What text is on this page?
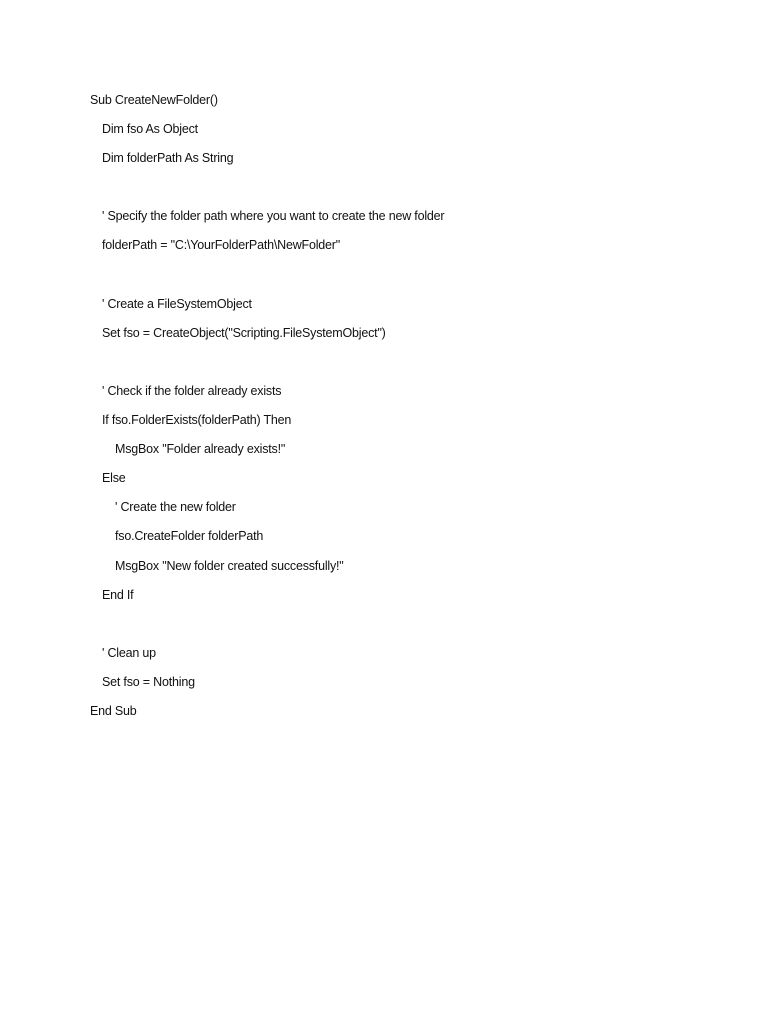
Sub CreateNewFolder()
Dim fso As Object
Dim folderPath As String
' Specify the folder path where you want to create the new folder
folderPath = "C:\YourFolderPath\NewFolder"
' Create a FileSystemObject
Set fso = CreateObject("Scripting.FileSystemObject")
' Check if the folder already exists
If fso.FolderExists(folderPath) Then
MsgBox "Folder already exists!"
Else
' Create the new folder
fso.CreateFolder folderPath
MsgBox "New folder created successfully!"
End If
' Clean up
Set fso = Nothing
End Sub
